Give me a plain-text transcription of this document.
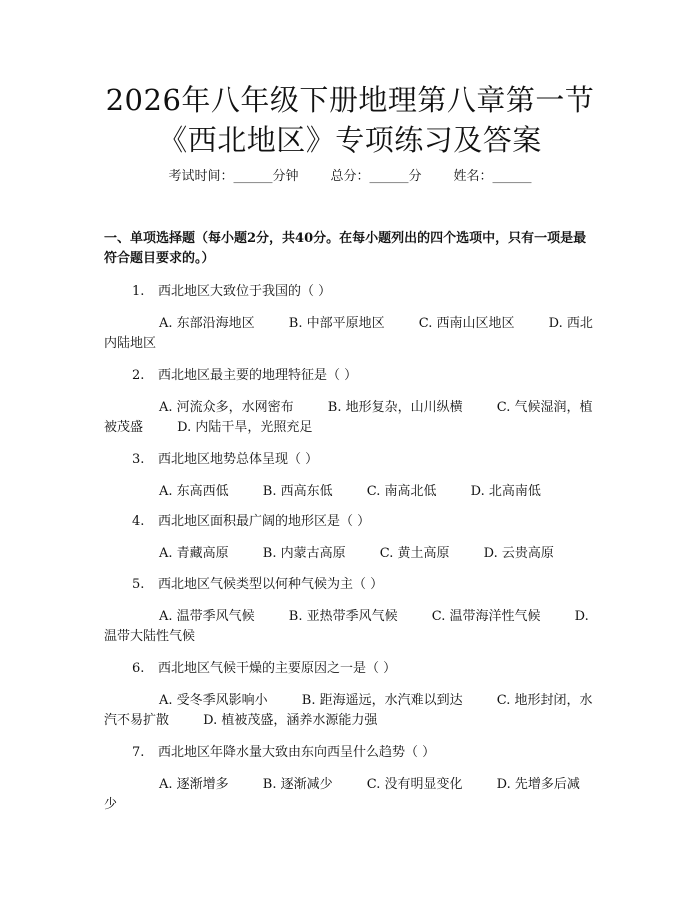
2026年八年级下册地理第八章第一节《西北地区》专项练习及答案
考试时间：______分钟 总分：______分 姓名：______
一、单项选择题（每小题2分，共40分。在每小题列出的四个选项中，只有一项是最符合题目要求的。）
1. 西北地区大致位于我国的（ ）
A. 东部沿海地区	B. 中部平原地区	C. 西南山区地区	D. 西北内陆地区
2. 西北地区最主要的地理特征是（ ）
A. 河流众多，水网密布	B. 地形复杂，山川纵横	C. 气候湿润，植被茂盛	D. 内陆干旱，光照充足
3. 西北地区地势总体呈现（ ）
A. 东高西低	B. 西高东低	C. 南高北低	D. 北高南低
4. 西北地区面积最广阔的地形区是（ ）
A. 青藏高原	B. 内蒙古高原	C. 黄土高原	D. 云贵高原
5. 西北地区气候类型以何种气候为主（ ）
A. 温带季风气候	B. 亚热带季风气候	C. 温带海洋性气候	D. 温带大陆性气候
6. 西北地区气候干燥的主要原因之一是（ ）
A. 受冬季风影响小	B. 距海遥远，水汽难以到达	C. 地形封闭，水汽不易扩散	D. 植被茂盛，涵养水源能力强
7. 西北地区年降水量大致由东向西呈什么趋势（ ）
A. 逐渐增多	B. 逐渐减少	C. 没有明显变化	D. 先增多后减少
